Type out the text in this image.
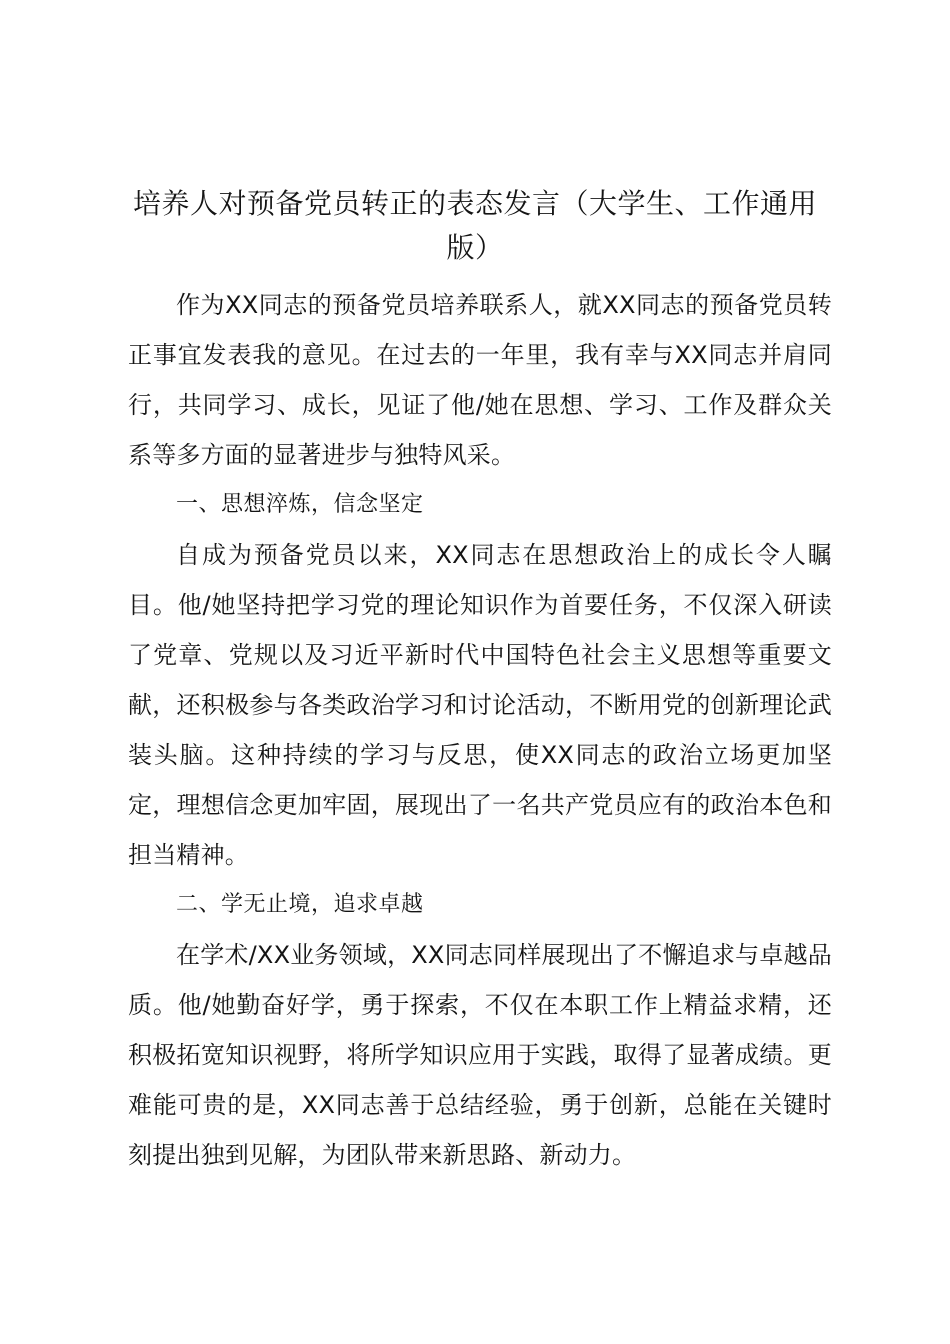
培养人对预备党员转正的表态发言（大学生、工作通用版）

作为XX同志的预备党员培养联系人，就XX同志的预备党员转正事宜发表我的意见。在过去的一年里，我有幸与XX同志并肩同行，共同学习、成长，见证了他/她在思想、学习、工作及群众关系等多方面的显著进步与独特风采。

一、思想淬炼，信念坚定

自成为预备党员以来，XX同志在思想政治上的成长令人瞩目。他/她坚持把学习党的理论知识作为首要任务，不仅深入研读了党章、党规以及习近平新时代中国特色社会主义思想等重要文献，还积极参与各类政治学习和讨论活动，不断用党的创新理论武装头脑。这种持续的学习与反思，使XX同志的政治立场更加坚定，理想信念更加牢固，展现出了一名共产党员应有的政治本色和担当精神。

二、学无止境，追求卓越

在学术/XX业务领域，XX同志同样展现出了不懈追求与卓越品质。他/她勤奋好学，勇于探索，不仅在本职工作上精益求精，还积极拓宽知识视野，将所学知识应用于实践，取得了显著成绩。更难能可贵的是，XX同志善于总结经验，勇于创新，总能在关键时刻提出独到见解，为团队带来新思路、新动力。
